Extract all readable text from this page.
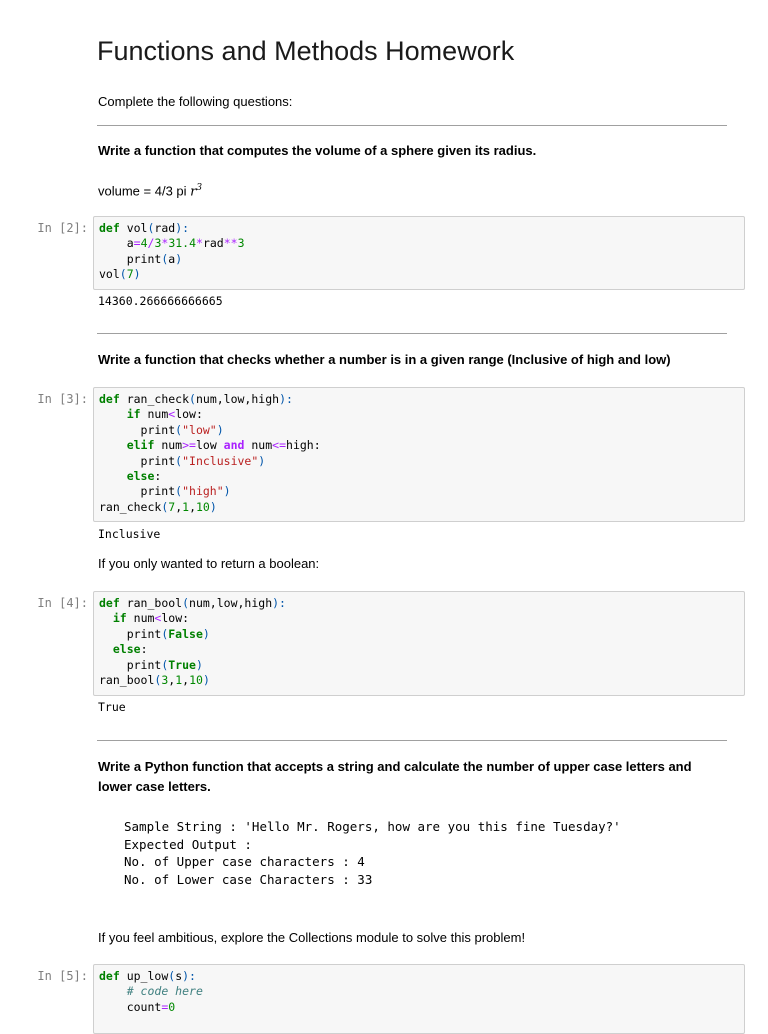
Functions and Methods Homework

Complete the following questions:

Write a function that computes the volume of a sphere given its radius.

volume = 4/3 pi $r^3$

In [2]: def vol(rad):
a=4/3*31.4*rad**3
print(a)
vol(7)
14360.266666666665

Write a function that checks whether a number is in a given range (Inclusive of high and low)

In [3]: def ran_check(num,low,high):
if num<low:
print("low")
elif num>=low and num<=high:
print("Inclusive")
else:
print("high")
ran_check(7,1,10)
Inclusive

If you only wanted to return a boolean:

In [4]: def ran_bool(num,low,high):
if num<low:
print(False)
else:
print(True)
ran_bool(3,1,10)
True

Write a Python function that accepts a string and calculate the number of upper case letters and

lower case letters.

Sample String : 'Hello Mr. Rogers, how are you this fine Tuesday?'
Expected Output :
No. of Upper case characters : 4
No. of Lower case Characters : 33

If you feel ambitious, explore the Collections module to solve this problem!

In [5]: def up_low(s):
# code here
count=0
